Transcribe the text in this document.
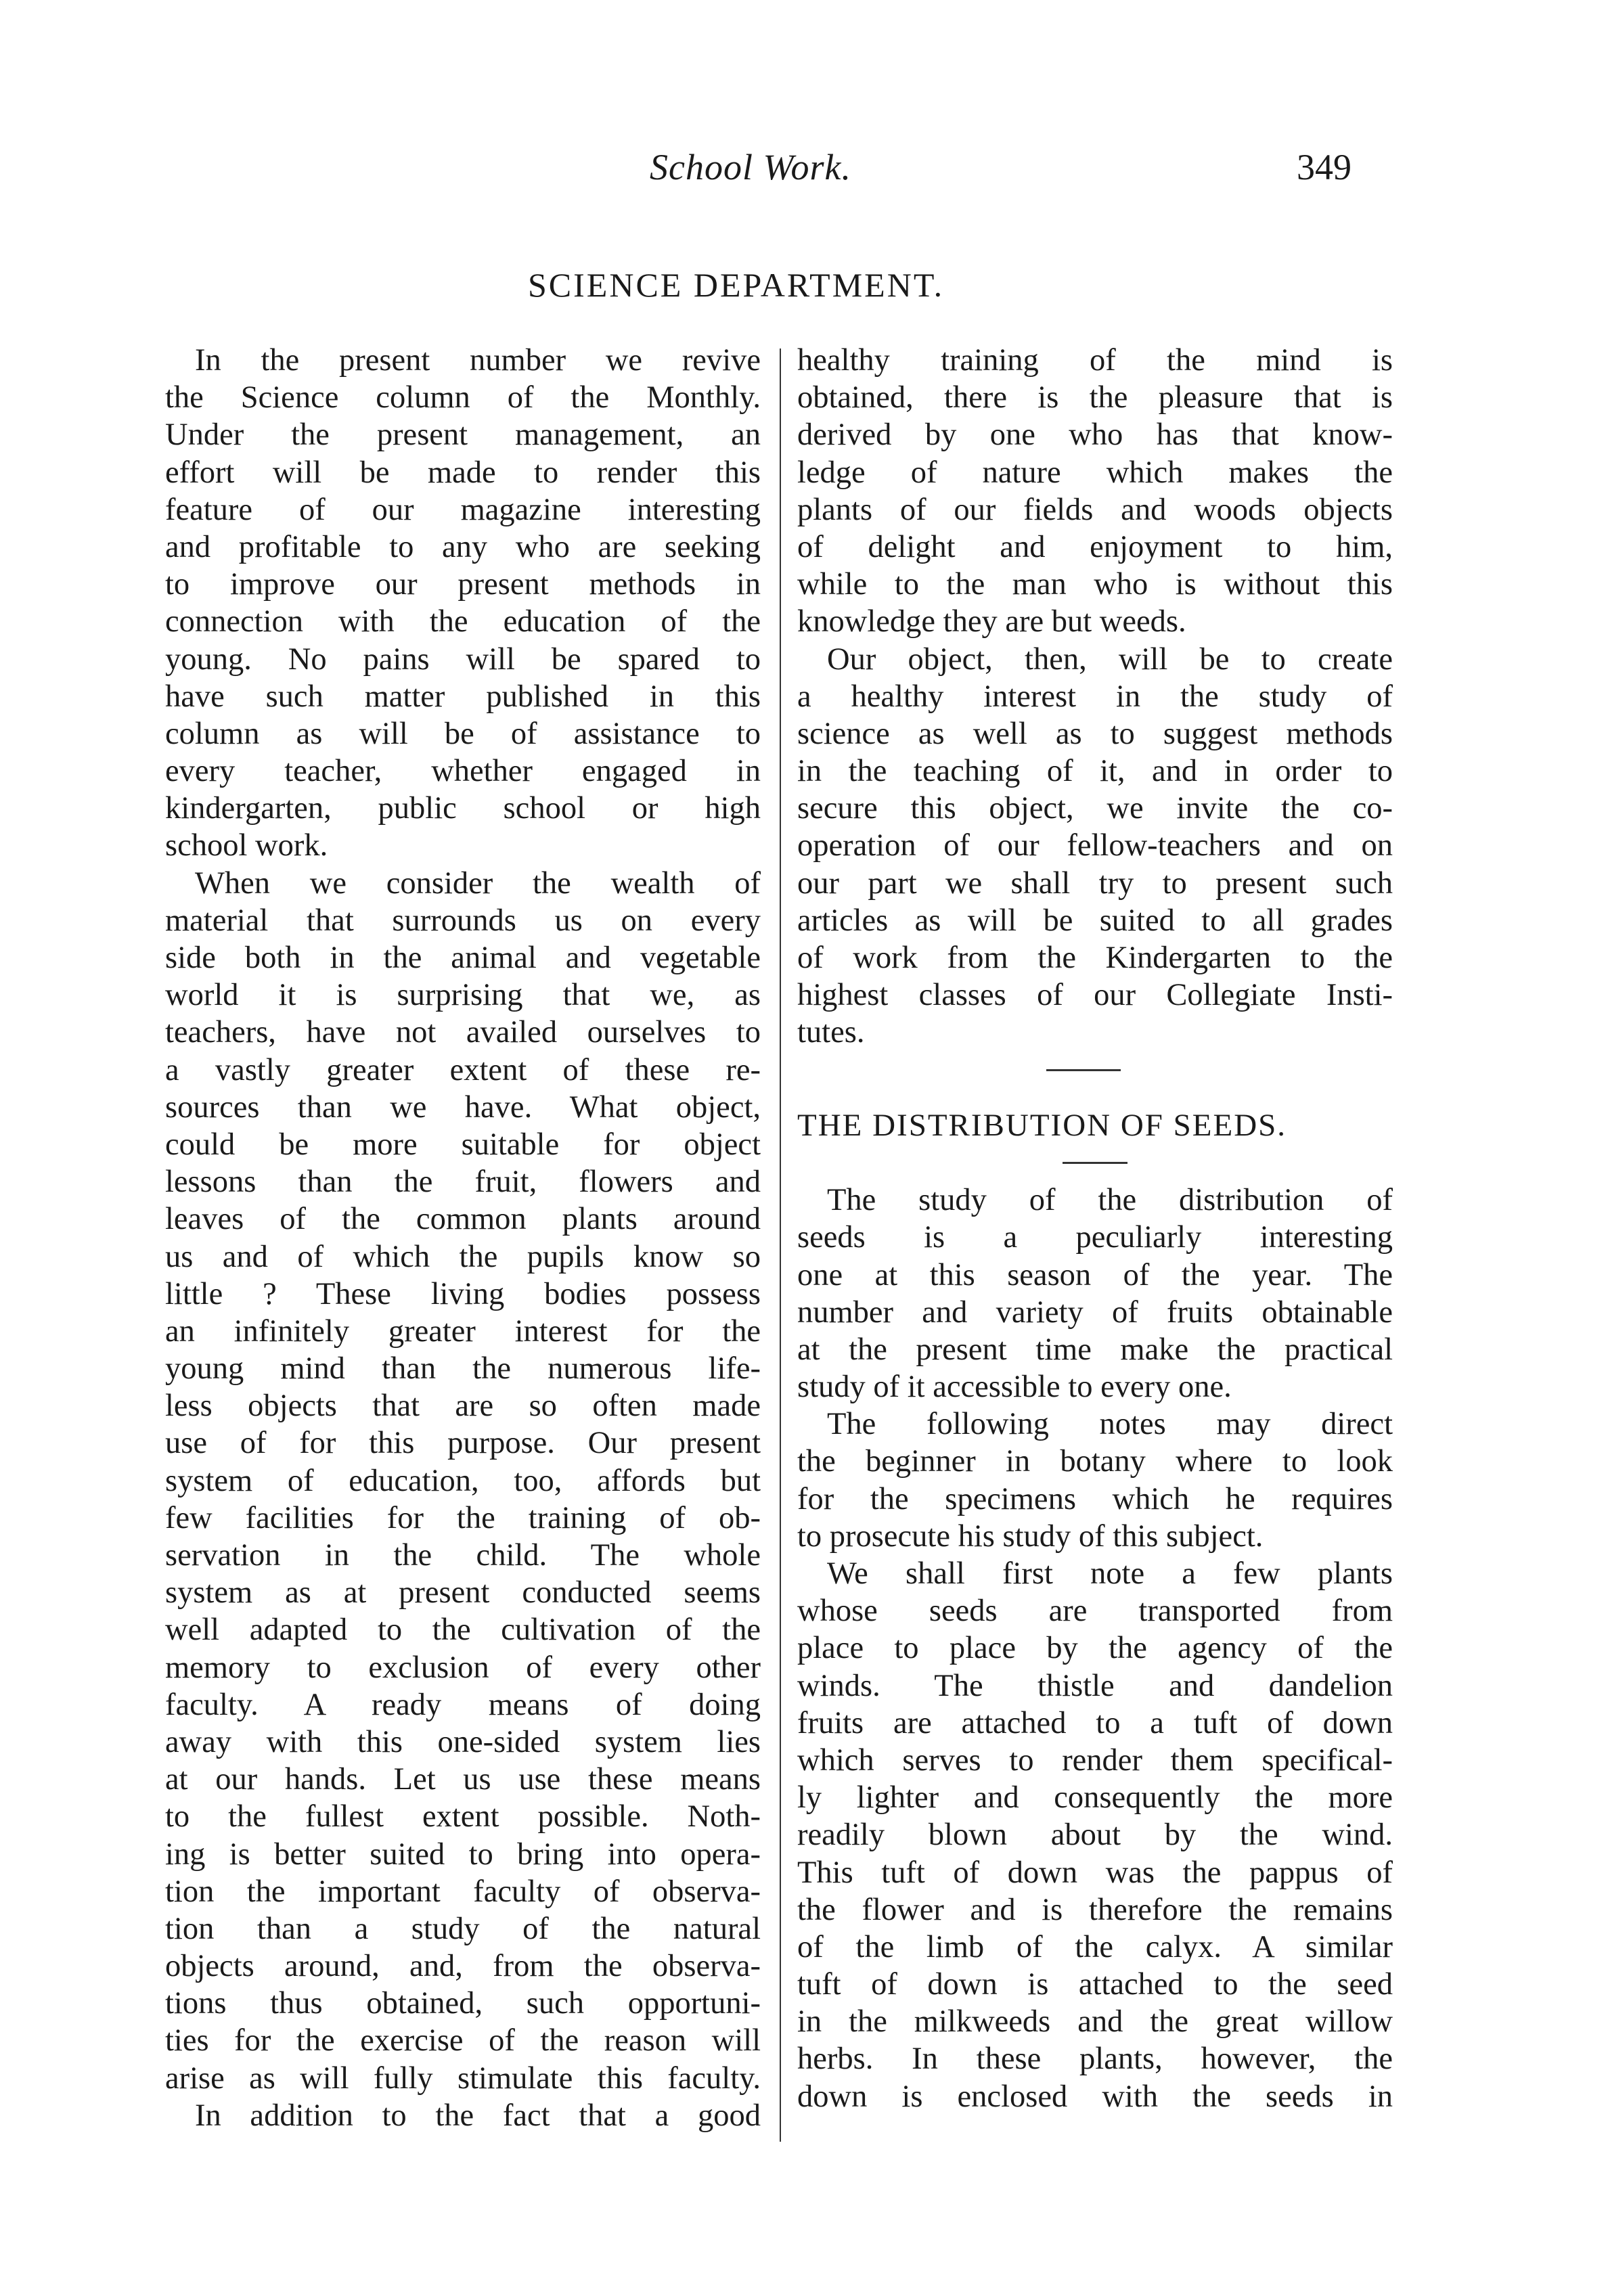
School Work.	349
SCIENCE DEPARTMENT.
In the present number we revive
the Science column of the Monthly.
Under the present management, an
effort will be made to render this
feature of our magazine interesting
and profitable to any who are seeking
to improve our present methods in
connection with the education of the
young. No pains will be spared to
have such matter published in this
column as will be of assistance to
every teacher, whether engaged in
kindergarten, public school or high
school work.
When we consider the wealth of
material that surrounds us on every
side both in the animal and vegetable
world it is surprising that we, as
teachers, have not availed ourselves to
a vastly greater extent of these re-
sources than we have. What object,
could be more suitable for object
lessons than the fruit, flowers and
leaves of the common plants around
us and of which the pupils know so
little ? These living bodies possess
an infinitely greater interest for the
young mind than the numerous life-
less objects that are so often made
use of for this purpose. Our present
system of education, too, affords but
few facilities for the training of ob-
servation in the child. The whole
system as at present conducted seems
well adapted to the cultivation of the
memory to exclusion of every other
faculty. A ready means of doing
away with this one-sided system lies
at our hands. Let us use these means
to the fullest extent possible. Noth-
ing is better suited to bring into opera-
tion the important faculty of observa-
tion than a study of the natural
objects around, and, from the observa-
tions thus obtained, such opportuni-
ties for the exercise of the reason will
arise as will fully stimulate this faculty.
In addition to the fact that a good
healthy training of the mind is
obtained, there is the pleasure that is
derived by one who has that know-
ledge of nature which makes the
plants of our fields and woods objects
of delight and enjoyment to him,
while to the man who is without this
knowledge they are but weeds.
Our object, then, will be to create
a healthy interest in the study of
science as well as to suggest methods
in the teaching of it, and in order to
secure this object, we invite the co-
operation of our fellow-teachers and on
our part we shall try to present such
articles as will be suited to all grades
of work from the Kindergarten to the
highest classes of our Collegiate Insti-
tutes.
THE DISTRIBUTION OF SEEDS.
The study of the distribution of
seeds is a peculiarly interesting
one at this season of the year. The
number and variety of fruits obtainable
at the present time make the practical
study of it accessible to every one.
The following notes may direct
the beginner in botany where to look
for the specimens which he requires
to prosecute his study of this subject.
We shall first note a few plants
whose seeds are transported from
place to place by the agency of the
winds. The thistle and dandelion
fruits are attached to a tuft of down
which serves to render them specifical-
ly lighter and consequently the more
readily blown about by the wind.
This tuft of down was the pappus of
the flower and is therefore the remains
of the limb of the calyx. A similar
tuft of down is attached to the seed
in the milkweeds and the great willow
herbs. In these plants, however, the
down is enclosed with the seeds in
